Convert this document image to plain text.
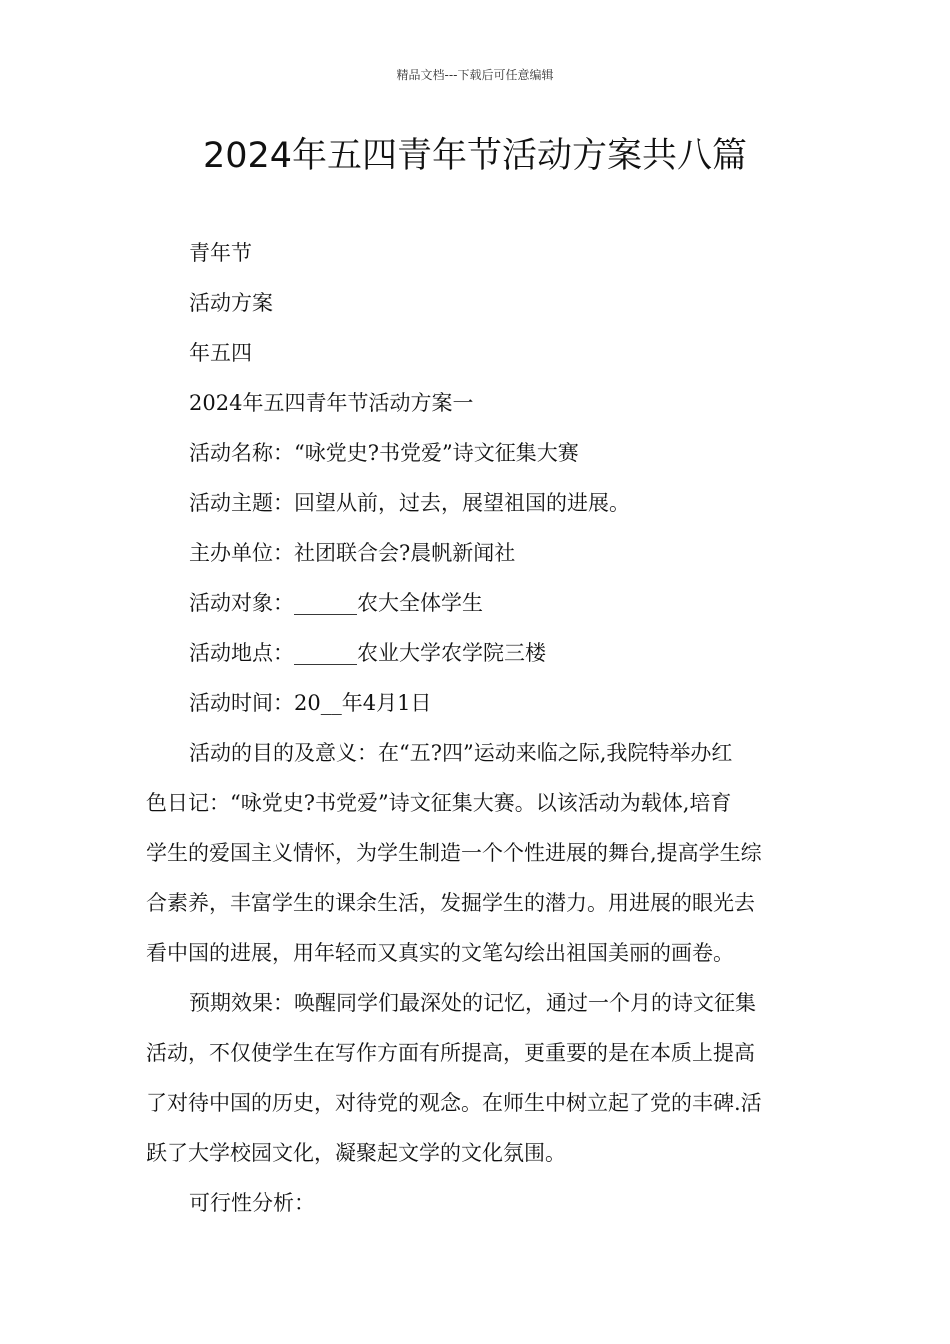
精品文档---下载后可任意编辑
2024年五四青年节活动方案共八篇
青年节
活动方案
年五四
2024年五四青年节活动方案一
活动名称：“咏党史?书党爱”诗文征集大赛
活动主题：回望从前，过去，展望祖国的进展。
主办单位：社团联合会?晨帆新闻社
活动对象：______农大全体学生
活动地点：______农业大学农学院三楼
活动时间：20__年4月1日
活动的目的及意义：在“五?四”运动来临之际,我院特举办红
色日记：“咏党史?书党爱”诗文征集大赛。以该活动为载体,培育
学生的爱国主义情怀，为学生制造一个个性进展的舞台,提高学生综
合素养，丰富学生的课余生活，发掘学生的潜力。用进展的眼光去
看中国的进展，用年轻而又真实的文笔勾绘出祖国美丽的画卷。
预期效果：唤醒同学们最深处的记忆，通过一个月的诗文征集
活动，不仅使学生在写作方面有所提高，更重要的是在本质上提高
了对待中国的历史，对待党的观念。在师生中树立起了党的丰碑.活
跃了大学校园文化，凝聚起文学的文化氛围。
可行性分析：
